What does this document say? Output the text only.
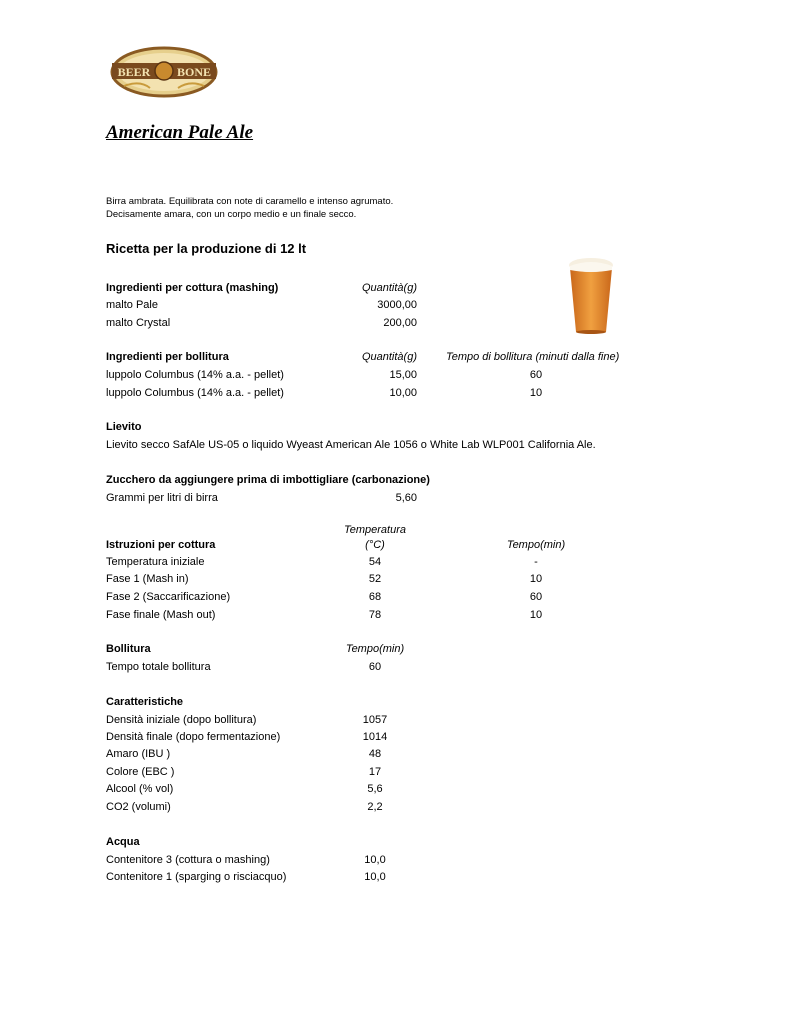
BEER BONE
American Pale Ale
Birra ambrata. Equilibrata con note di caramello e intenso agrumato.
Decisamente amara, con un corpo medio e un finale secco.
Ricetta per la produzione di 12 lt
Ingredienti per cottura (mashing)	Quantità(g)
malto Pale	3000,00
malto Crystal	200,00
Ingredienti per bollitura	Quantità(g)	Tempo di bollitura (minuti dalla fine)
luppolo Columbus (14% a.a. - pellet)	15,00	60
luppolo Columbus (14% a.a. - pellet)	10,00	10
Lievito
Lievito secco SafAle US-05 o liquido Wyeast American Ale 1056 o White Lab WLP001 California Ale.
Zucchero da aggiungere prima di imbottigliare (carbonazione)
Grammi per litri di birra	5,60
Temperatura
Istruzioni per cottura	(°C)	Tempo(min)
Temperatura iniziale	54	-
Fase 1 (Mash in)	52	10
Fase 2 (Saccarificazione)	68	60
Fase finale (Mash out)	78	10
Bollitura	Tempo(min)
Tempo totale bollitura	60
Caratteristiche
Densità iniziale (dopo bollitura)	1057
Densità finale (dopo fermentazione)	1014
Amaro (IBU )	48
Colore (EBC )	17
Alcool (% vol)	5,6
CO2 (volumi)	2,2
Acqua
Contenitore 3 (cottura o mashing)	10,0
Contenitore 1 (sparging o risciacquo)	10,0
